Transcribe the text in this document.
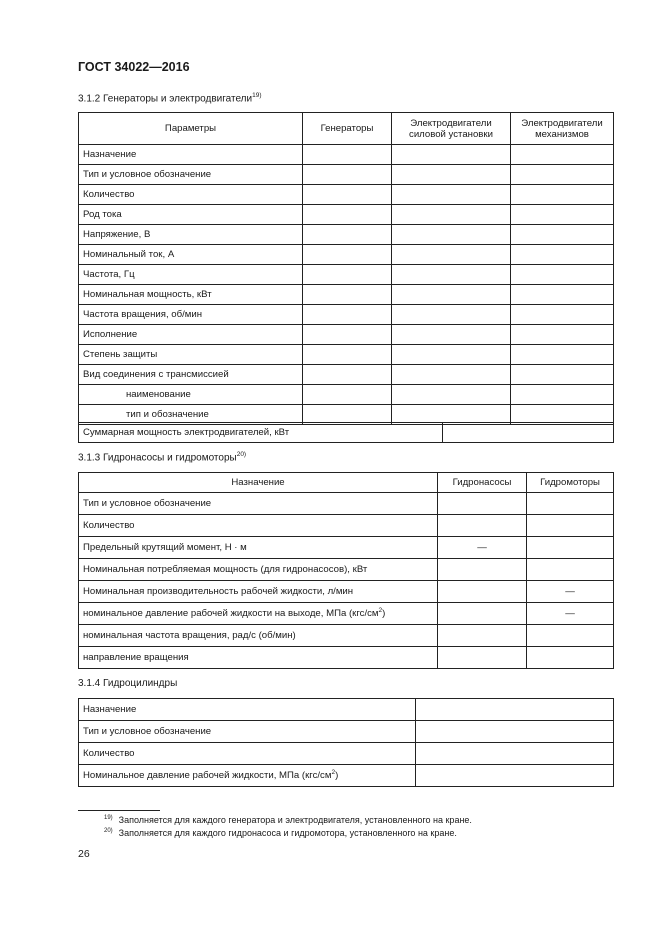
ГОСТ 34022—2016
3.1.2 Генераторы и электродвигатели$^{19)}$
Параметры	Генераторы	Электродвигатели силовой установки	Электродвигатели механизмов
Назначение			
Тип и условное обозначение			
Количество			
Род тока			
Напряжение, В			
Номинальный ток, А			
Частота, Гц			
Номинальная мощность, кВт			
Частота вращения, об/мин			
Исполнение			
Степень защиты			
Вид соединения с трансмиссией			
наименование			
тип и обозначение			
Суммарная мощность электродвигателей, кВт	
3.1.3 Гидронасосы и гидромоторы$^{20)}$
Назначение	Гидронасосы	Гидромоторы
Тип и условное обозначение		
Количество		
Предельный крутящий момент, Н · м	—	
Номинальная потребляемая мощность (для гидронасосов), кВт		
Номинальная производительность рабочей жидкости, л/мин		—
номинальное давление рабочей жидкости на выходе, МПа $(кгс/см^2)$		—
номинальная частота вращения, рад/с (об/мин)		
направление вращения		
3.1.4 Гидроцилиндры
Назначение	
Тип и условное обозначение	
Количество	
Номинальное давление рабочей жидкости, МПа $(кгс/см^2)$	
$^{19)}$ Заполняется для каждого генератора и электродвигателя, установленного на кране.
$^{20)}$ Заполняется для каждого гидронасоса и гидромотора, установленного на кране.
26
